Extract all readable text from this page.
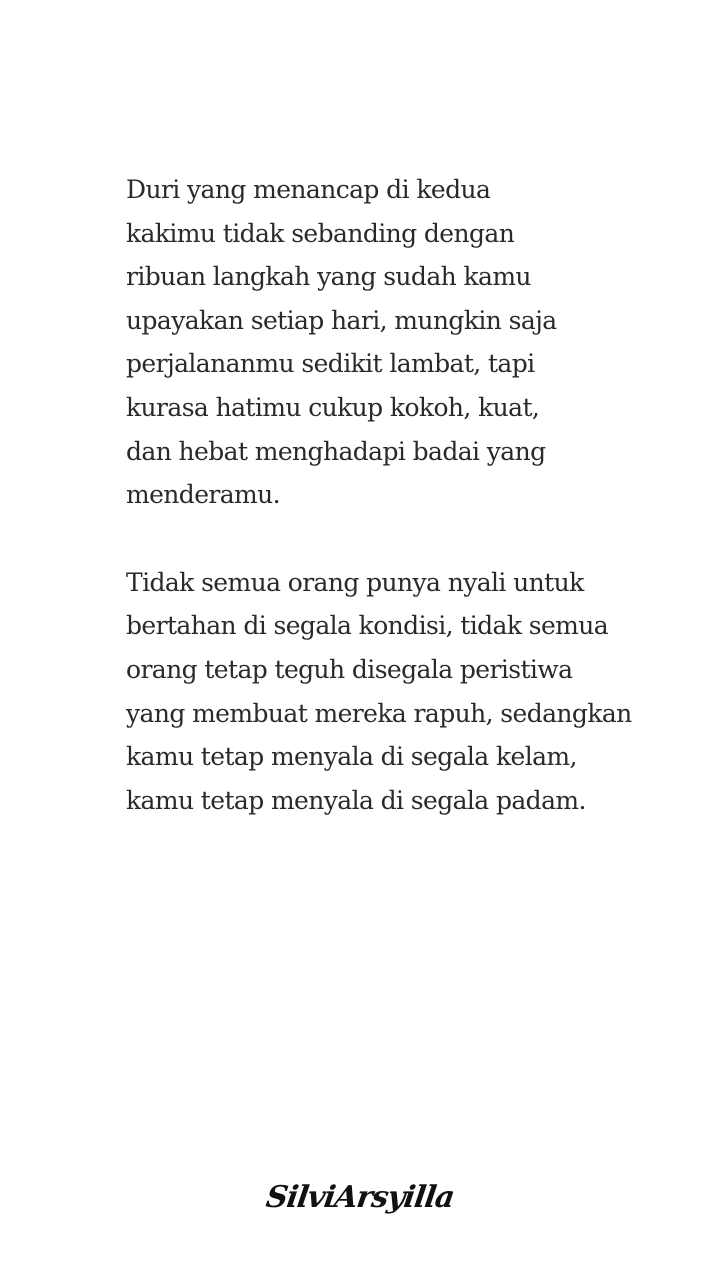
Duri yang menancap di kedua
kakimu tidak sebanding dengan
ribuan langkah yang sudah kamu
upayakan setiap hari, mungkin saja
perjalananmu sedikit lambat, tapi
kurasa hatimu cukup kokoh, kuat,
dan hebat menghadapi badai yang
menderamu.
Tidak semua orang punya nyali untuk
bertahan di segala kondisi, tidak semua
orang tetap teguh disegala peristiwa
yang membuat mereka rapuh, sedangkan
kamu tetap menyala di segala kelam,
kamu tetap menyala di segala padam.
SilviArsyilla
